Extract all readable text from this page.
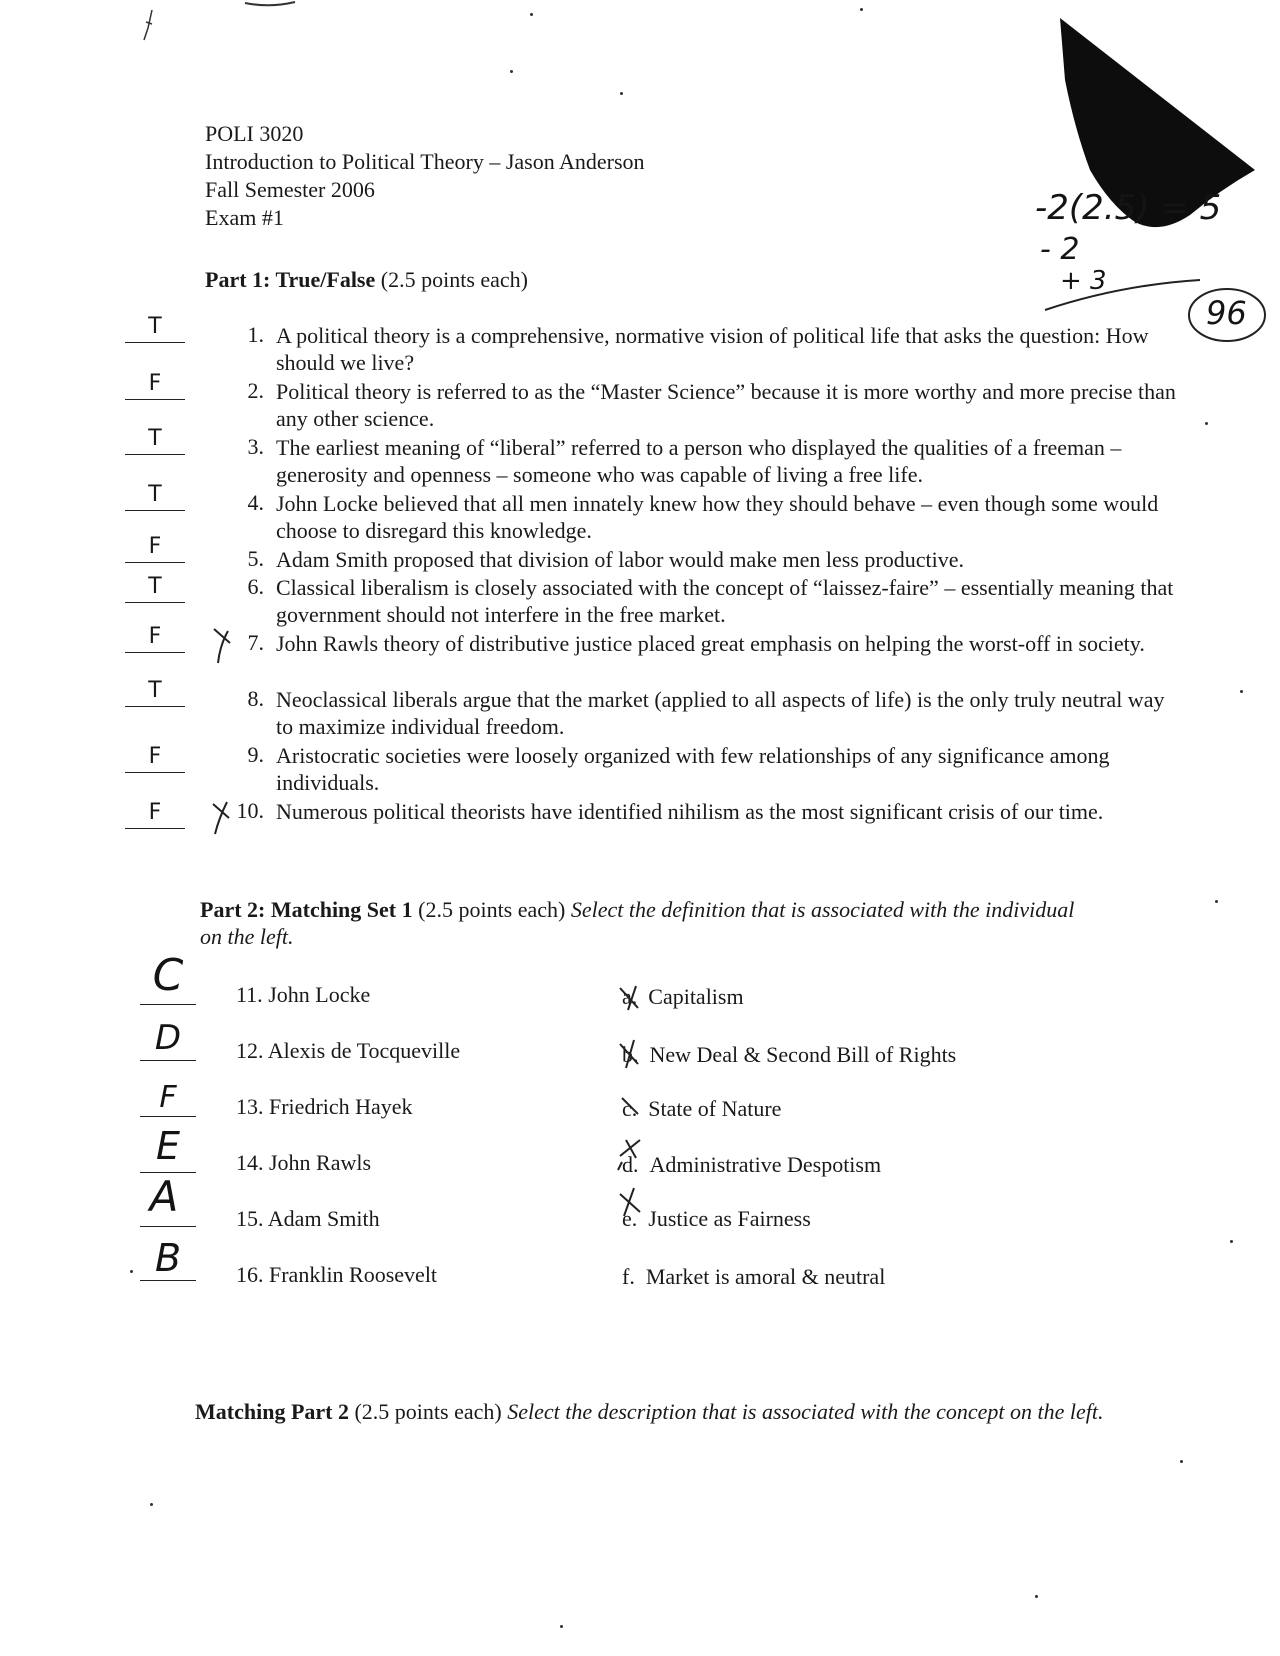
POLI 3020
Introduction to Political Theory – Jason Anderson
Fall Semester 2006
Exam #1	-2(2.5) = 5
- 2
+ 3
96
Part 1: True/False (2.5 points each)
1. A political theory is a comprehensive, normative vision of political life that asks the question: How should we live?
T
2. Political theory is referred to as the “Master Science” because it is more worthy and more precise than any other science.
F
3. The earliest meaning of “liberal” referred to a person who displayed the qualities of a freeman – generosity and openness – someone who was capable of living a free life.
T
4. John Locke believed that all men innately knew how they should behave – even though some would choose to disregard this knowledge.
T
5. Adam Smith proposed that division of labor would make men less productive.
F
6. Classical liberalism is closely associated with the concept of “laissez-faire” – essentially meaning that government should not interfere in the free market.
T
7. John Rawls theory of distributive justice placed great emphasis on helping the worst-off in society.
F
8. Neoclassical liberals argue that the market (applied to all aspects of life) is the only truly neutral way to maximize individual freedom.
T
9. Aristocratic societies were loosely organized with few relationships of any significance among individuals.
F
10. Numerous political theorists have identified nihilism as the most significant crisis of our time.
F
Part 2: Matching Set 1 (2.5 points each) Select the definition that is associated with the individual on the left.
11. John Locke
C
12. Alexis de Tocqueville
D
13. Friedrich Hayek
F
14. John Rawls
E
15. Adam Smith
A
16. Franklin Roosevelt
B
a. Capitalism
b. New Deal & Second Bill of Rights
c. State of Nature
d. Administrative Despotism
e. Justice as Fairness
f. Market is amoral & neutral
Matching Part 2 (2.5 points each) Select the description that is associated with the concept on the left.
